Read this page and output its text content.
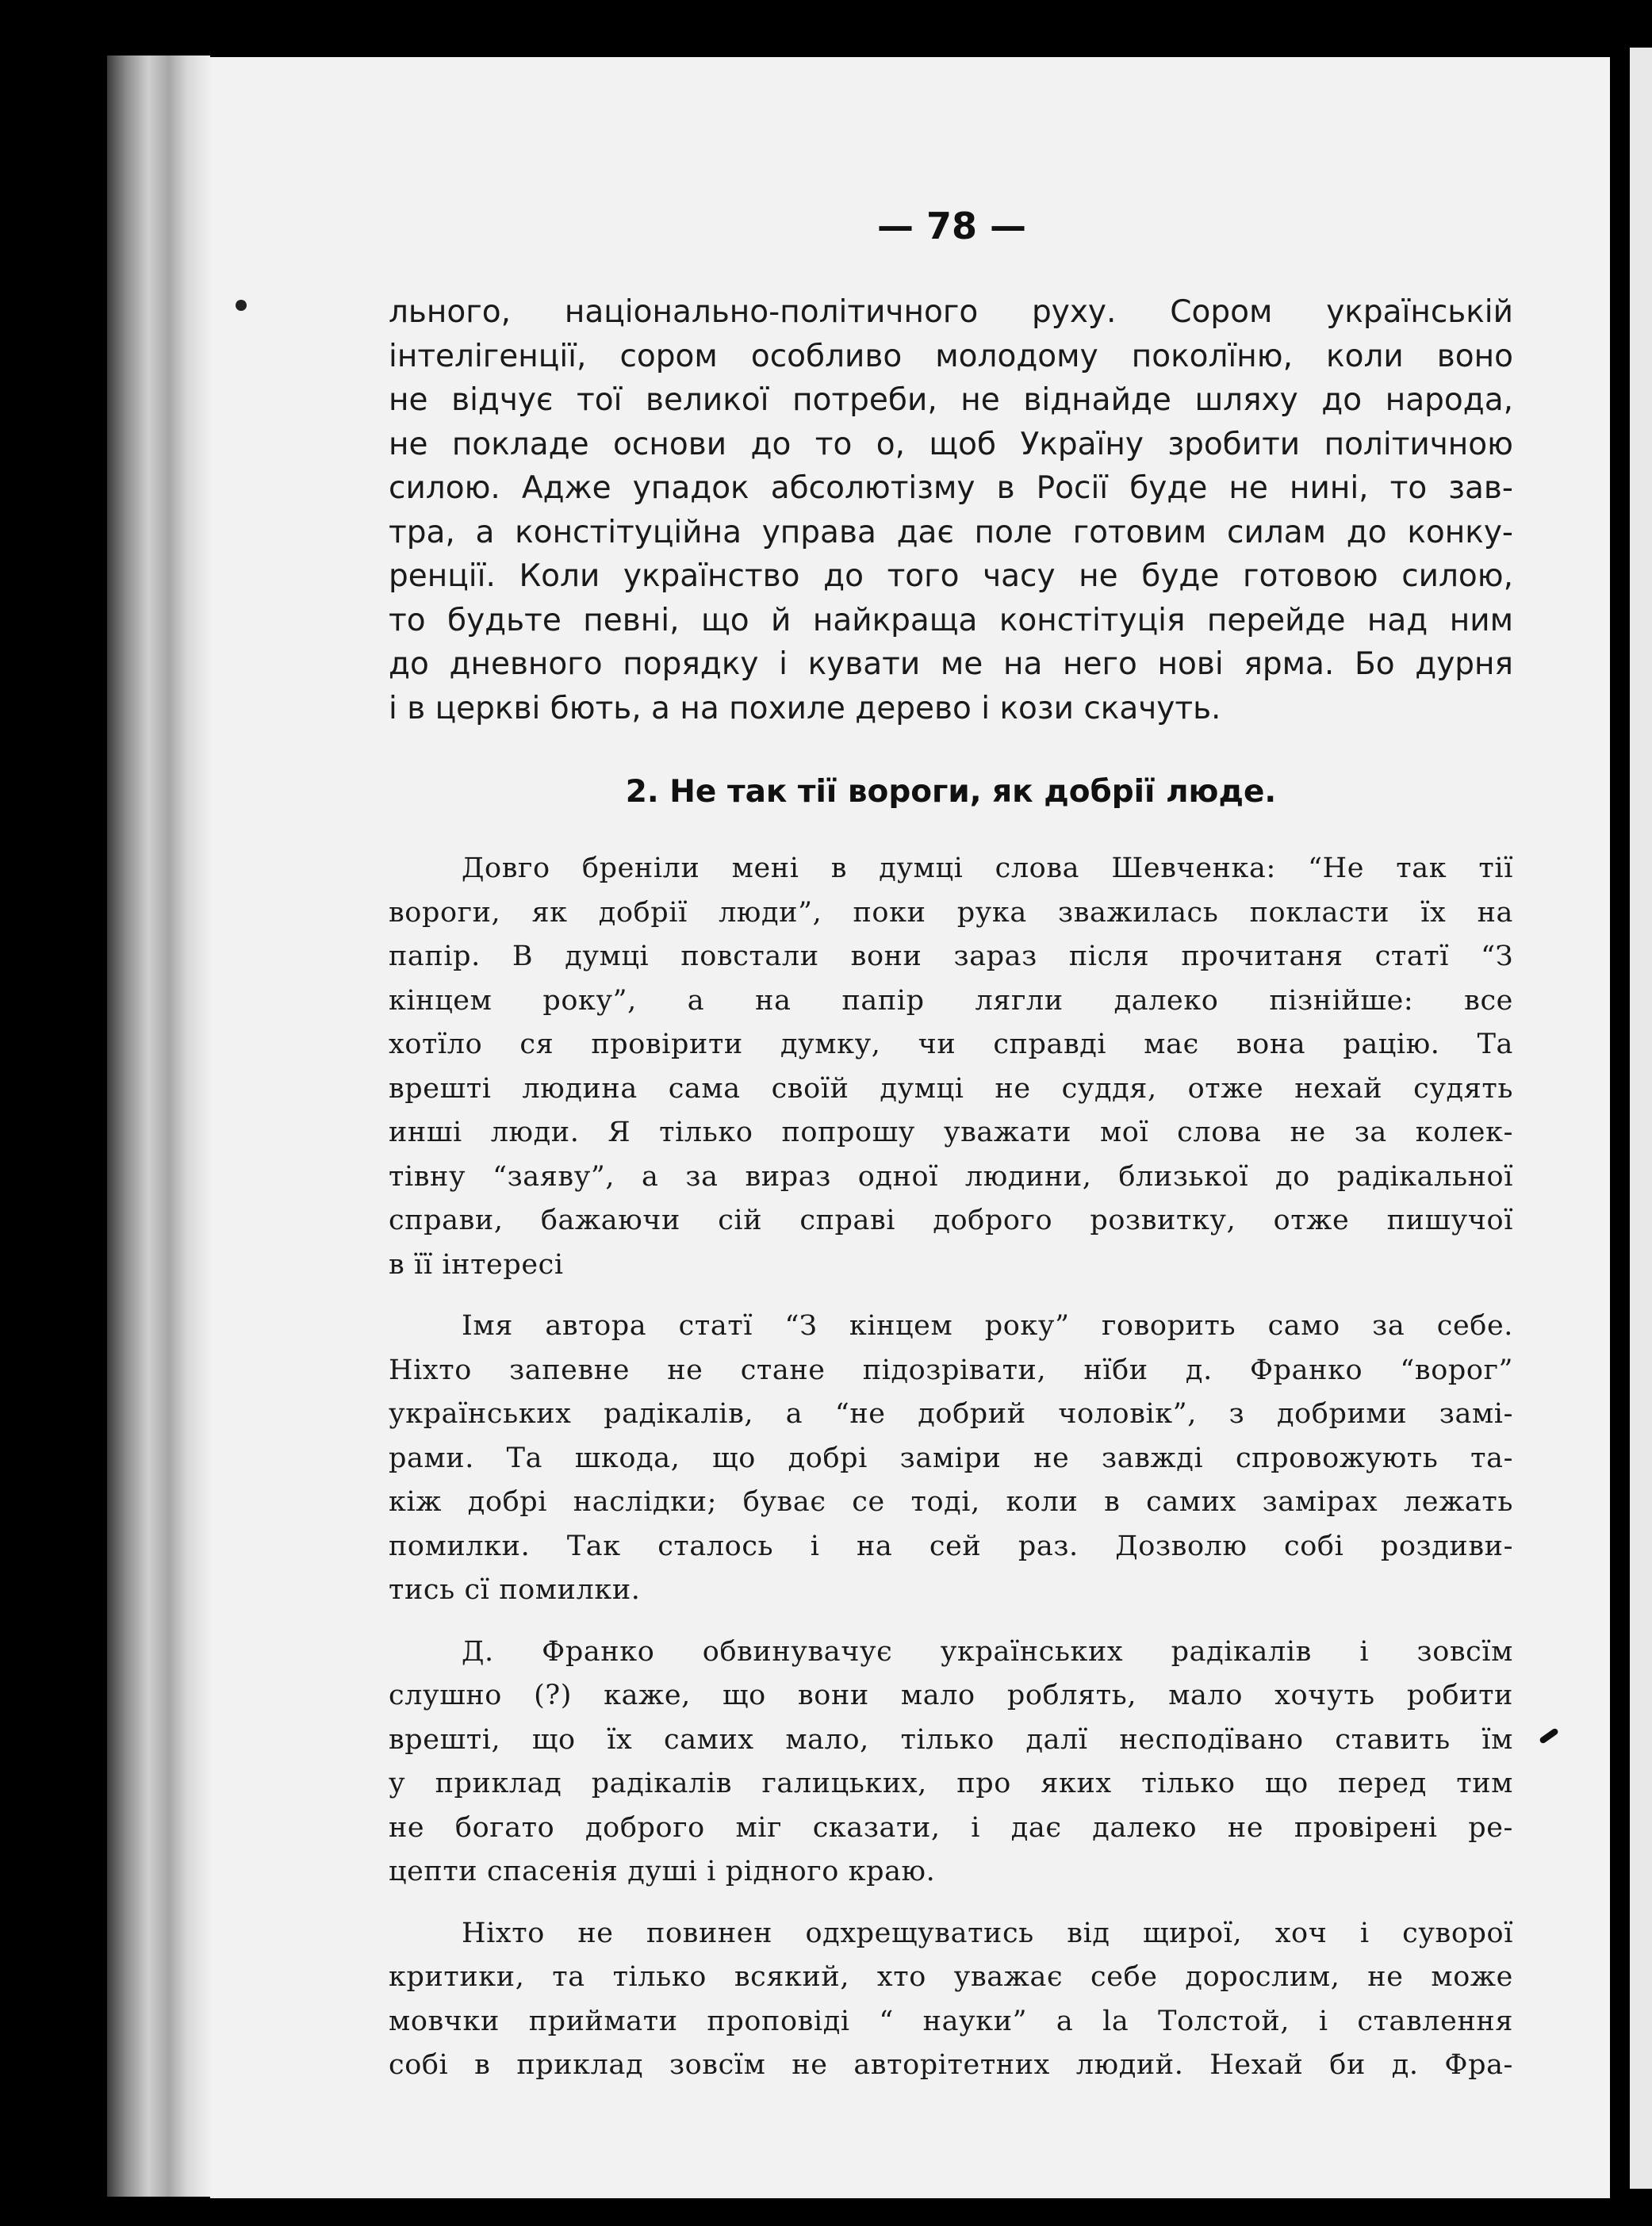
— 78 —
льного, національно-політичного руху. Сором українській
інтелігенції, сором особливо молодому поколїню, коли воно
не відчує тої великої потреби, не віднайде шляху до народа,
не покладе основи до то о, щоб Україну зробити політичною
силою. Адже упадок абсолютізму в Росії буде не нині, то зав-
тра, а констітуційна управа дає поле готовим силам до конку-
ренції. Коли українство до того часу не буде готовою силою,
то будьте певні, що й найкраща констітуція перейде над ним
до дневного порядку і кувати ме на него нові ярма. Бо дурня
і в церкві бють, а на похиле дерево і кози скачуть.
2. Не так тії вороги, як добрії люде.
Довго бреніли мені в думці слова Шевченка: “Не так тії
вороги, як добрії люди”, поки рука зважилась покласти їх на
папір. В думці повстали вони зараз після прочитаня статї “З
кінцем року”, а на папір лягли далеко пізнійше: все
хотїло ся провірити думку, чи справді має вона рацію. Та
врешті людина сама своїй думці не суддя, отже нехай судять
инші люди. Я тілько попрошу уважати мої слова не за колек-
тівну “заяву”, а за вираз одної людини, близької до радікальної
справи, бажаючи сій справі доброго розвитку, отже пишучої
в її інтересі
Імя автора статї “З кінцем року” говорить само за себе.
Ніхто запевне не стане підозрівати, нїби д. Франко “ворог”
українських радікалів, а “не добрий чоловік”, з добрими замі-
рами. Та шкода, що добрі заміри не завжді спровожують та-
кіж добрі наслідки; буває се тоді, коли в самих замірах лежать
помилки. Так сталось і на сей раз. Дозволю собі роздиви-
тись сї помилки.
Д. Франко обвинувачує українських радікалів і зовсїм
слушно (?) каже, що вони мало роблять, мало хочуть робити
врешті, що їх самих мало, тілько далї несподївано ставить їм
у приклад радікалів галицьких, про яких тілько що перед тим
не богато доброго міг сказати, і дає далеко не провірені ре-
цепти спасенія душі і рідного краю.
Ніхто не повинен одхрещуватись від щирої, хоч і суворої
критики, та тілько всякий, хто уважає себе дорослим, не може
мовчки приймати проповіді “ науки” а la Толстой, і ставлення
собі в приклад зовсїм не авторітетних людий. Нехай би д. Фра-
